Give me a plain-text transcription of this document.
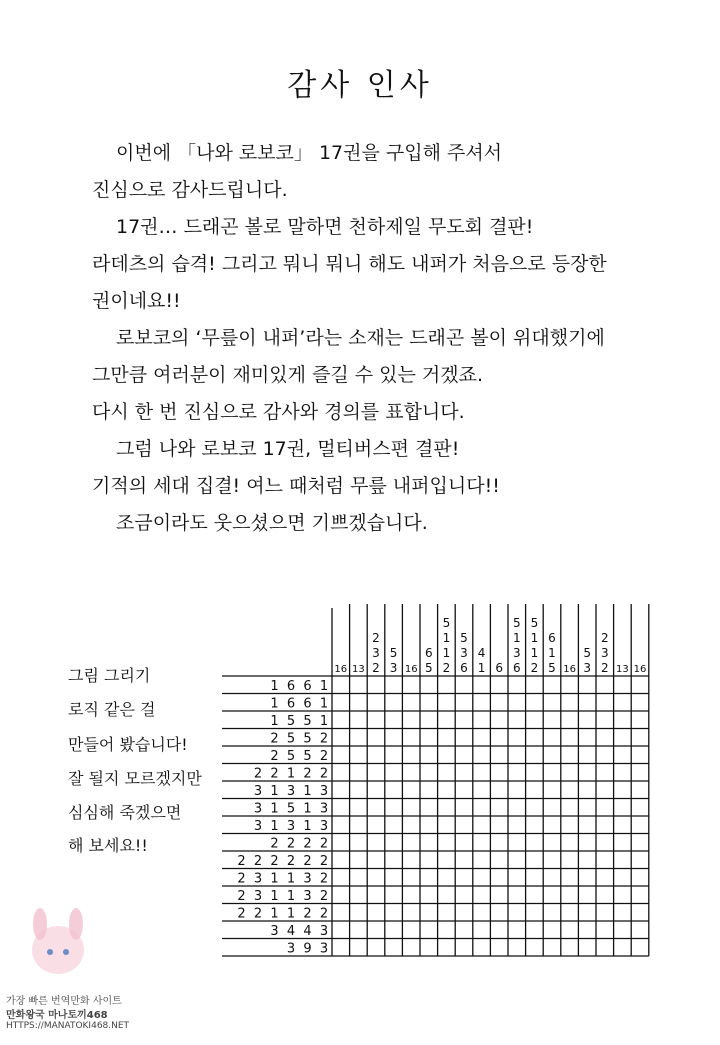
감사 인사
이번에 「나와 로보코」 17권을 구입해 주셔서
진심으로 감사드립니다.
17권… 드래곤 볼로 말하면 천하제일 무도회 결판!
라데츠의 습격! 그리고 뭐니 뭐니 해도 내퍼가 처음으로 등장한
권이네요!!
로보코의 ‘무릎이 내퍼’라는 소재는 드래곤 볼이 위대했기에
그만큼 여러분이 재미있게 즐길 수 있는 거겠죠.
다시 한 번 진심으로 감사와 경의를 표합니다.
그럼 나와 로보코 17권, 멀티버스편 결판!
기적의 세대 집결! 여느 때처럼 무릎 내퍼입니다!!
조금이라도 웃으셨으면 기쁘겠습니다.
그림 그리기
로직 같은 걸
만들어 봤습니다!
잘 될지 모르겠지만
심심해 죽겠으면
해 보세요!!
16 13
2
3
2
5
3 16
6
5
5
1
1
2
5
3
6
4
1 6
5
1
3
6
5
1
1
2
6
1
5 16
5
3
2
3
2 13 16
1 6 6 1
1 6 6 1
1 5 5 1
2 5 5 2
2 5 5 2
2 2 1 2 2
3 1 3 1 3
3 1 5 1 3
3 1 3 1 3
2 2 2 2
2 2 2 2 2 2
2 3 1 1 3 2
2 3 1 1 3 2
2 2 1 1 2 2
3 4 4 3
3 9 3
가장 빠른 번역만화 사이트
만화왕국 마나토끼468
HTTPS://MANATOKI468.NET
